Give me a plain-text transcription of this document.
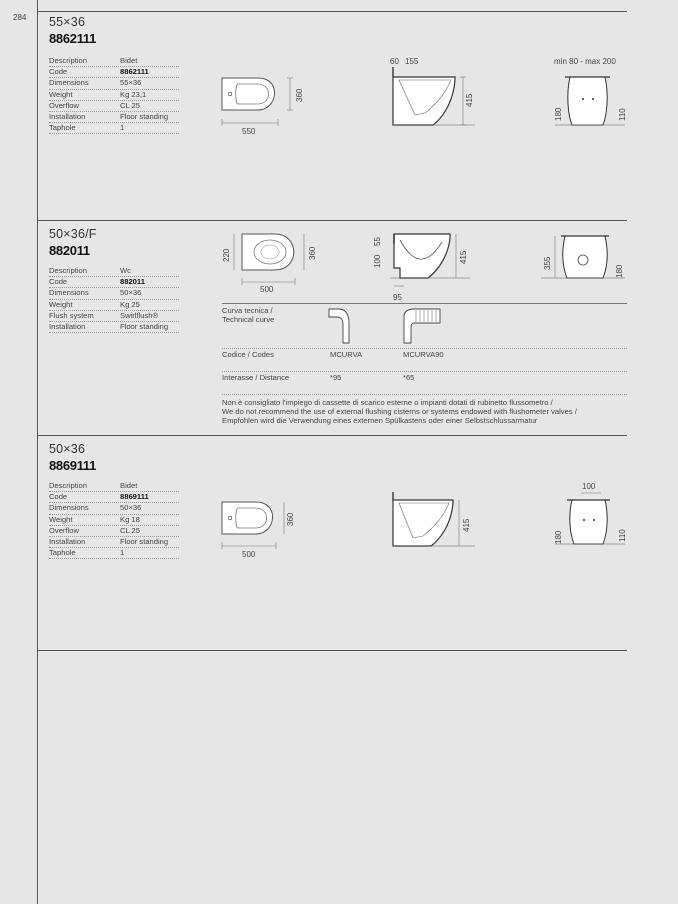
284 55×36
8862111
Description	Bidet
Code	8862111
Dimensions	55×36
Weight	Kg 23,1
Overflow	CL 25
Installation	Floor standing
Taphole	1	550
360
60 155
415
min 80 - max 200
180	110
50×36/F
882011
Description	Wc
Code	882011
Dimensions	50×36
Weight	Kg 25
Flush system	Swirlflush®
Installation	Floor standing
220
500
360
55
100	415
95
355
180
Curva tecnica / Technical curve
Codice / Codes	MCURVA	MCURVA90
Interasse / Distance	*95	*65
Non è consigliato l'impiego di cassette di scarico esterne o impianti dotati di rubinetto flussometro /
We do not recommend the use of external flushing cisterns or systems endowed with flushometer valves /
Empfohlen wird die Verwendung eines externen Spülkastens oder einer Selbstschlussarmatur
50×36
8869111
Description	Bidet
Code	8869111
Dimensions	50×36
Weight	Kg 18
Overflow	CL 25
Installation	Floor standing
Taphole	1	500
360	415
100
180	110
